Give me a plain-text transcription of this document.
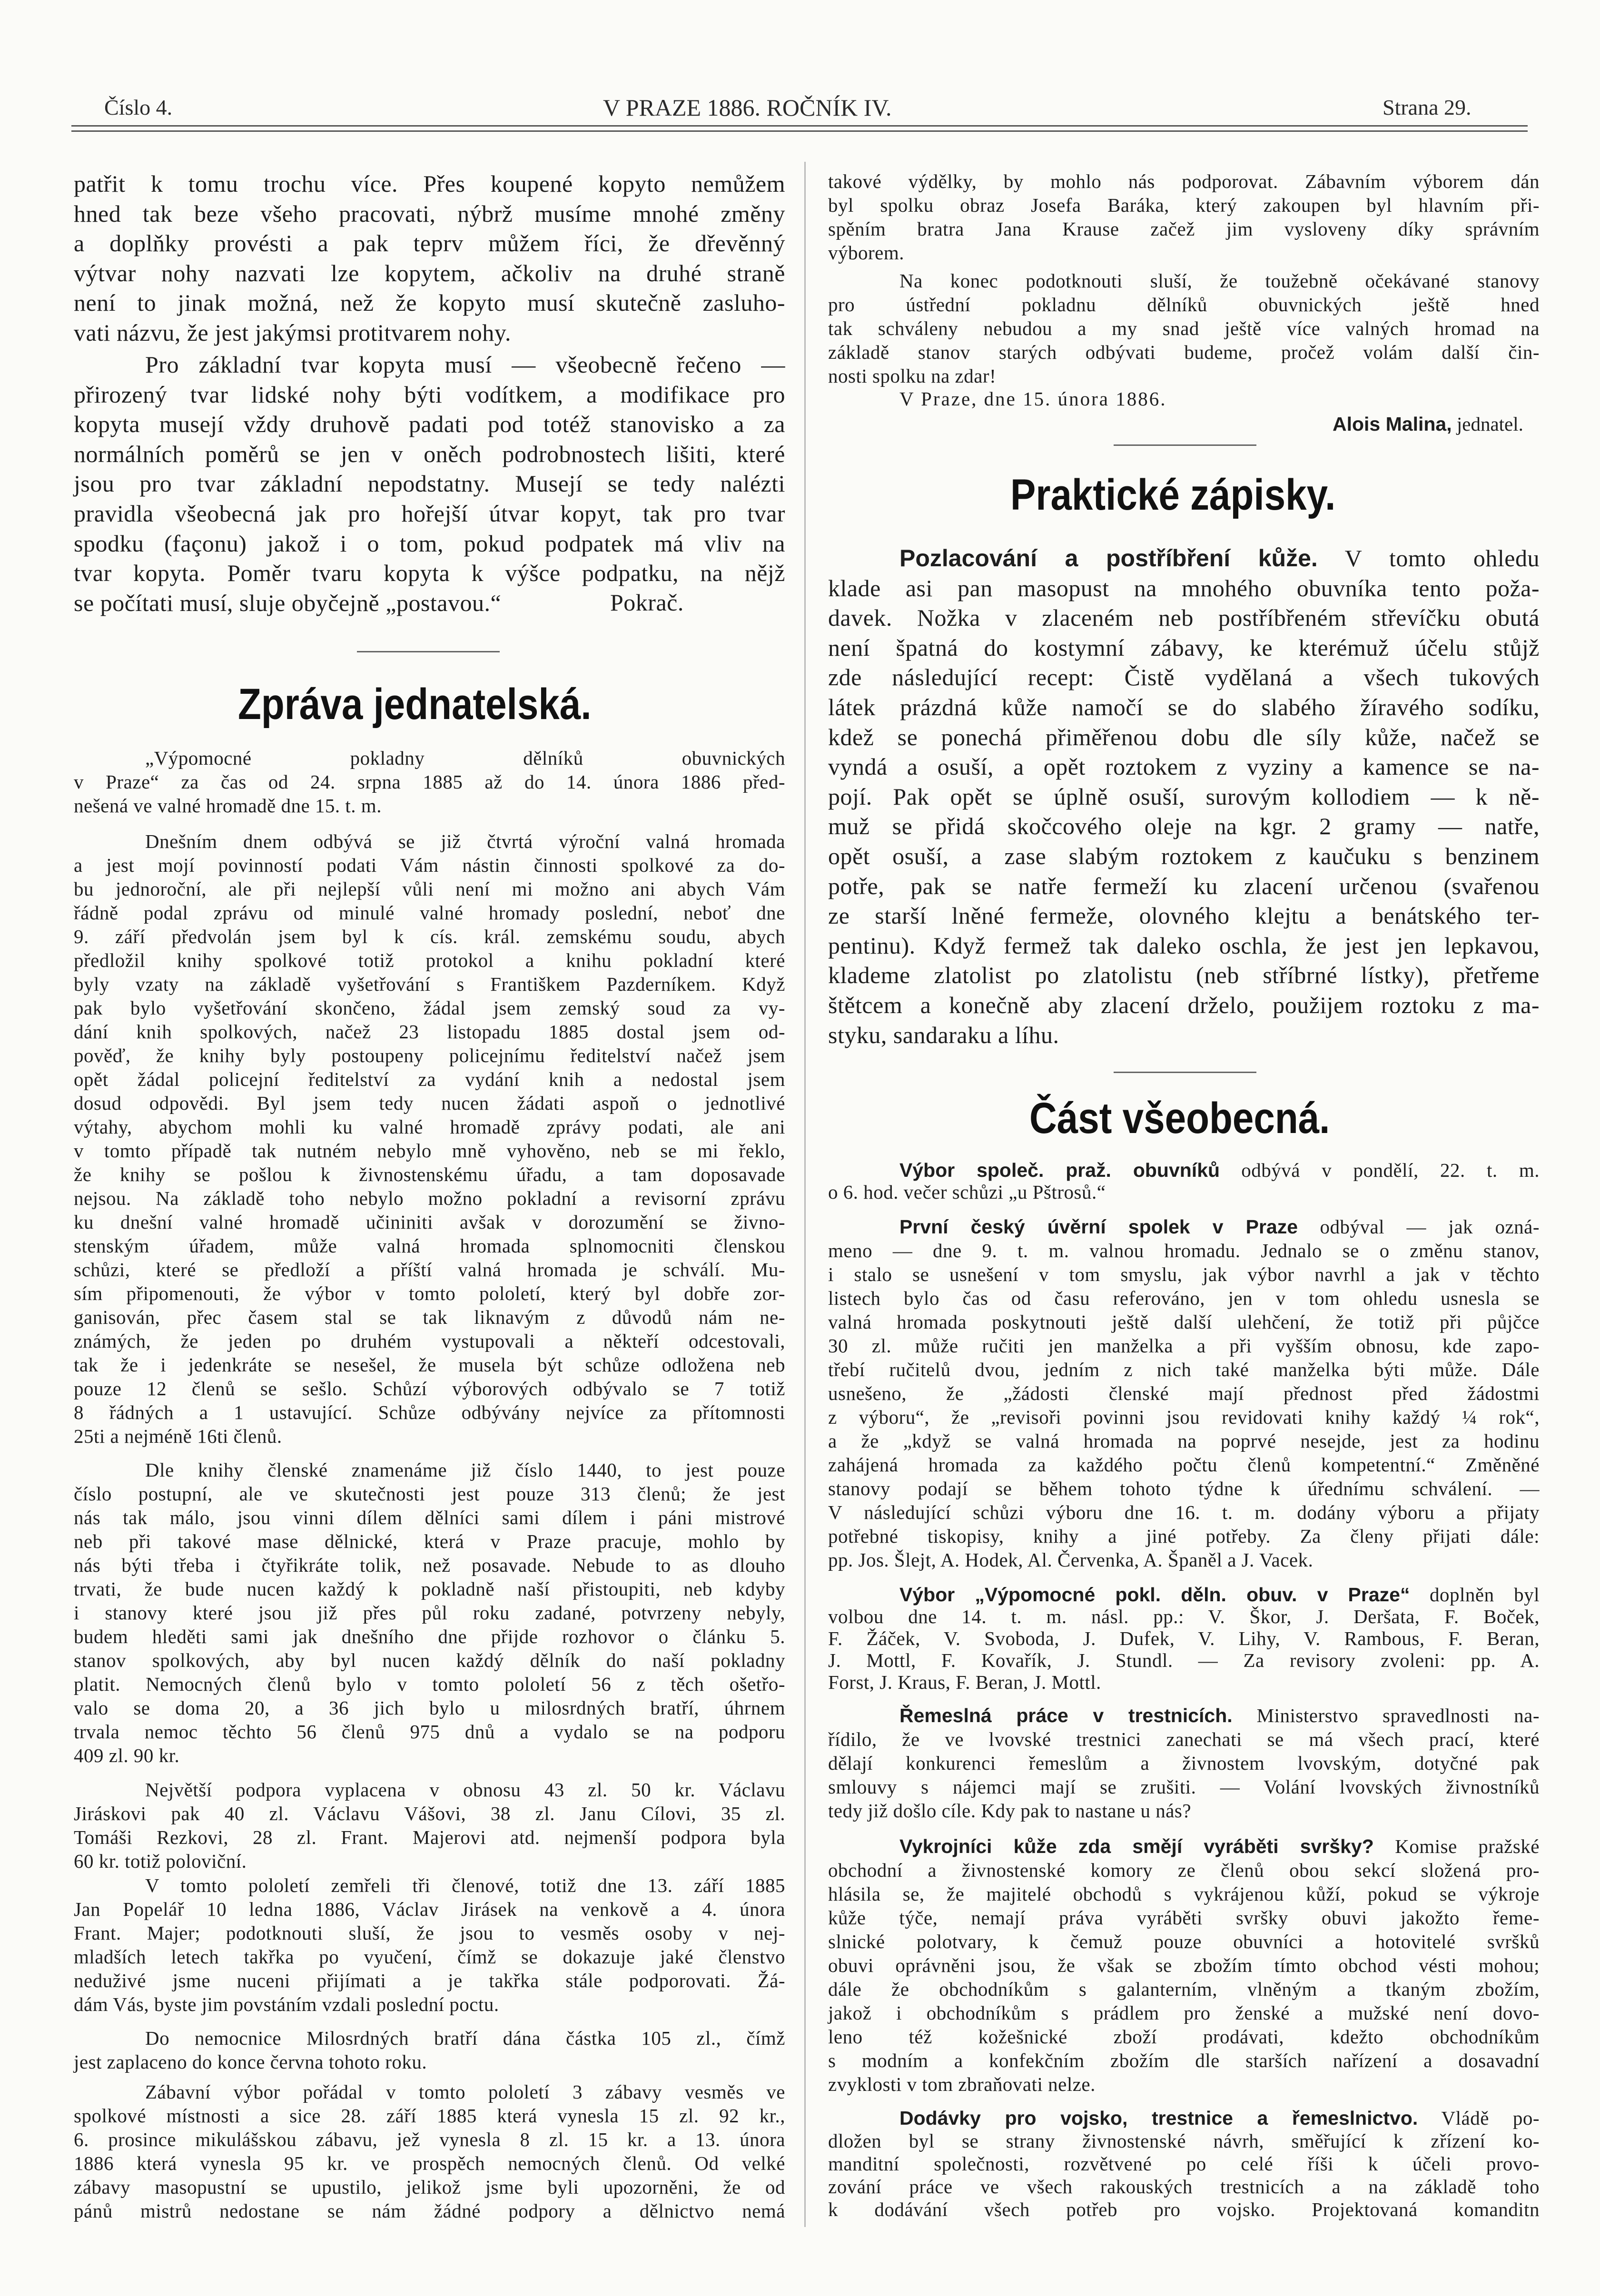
Číslo 4.	V PRAZE 1886. ROČNÍK IV.	Strana 29.
patřit k tomu trochu více. Přes koupené kopyto nemůžem
hned tak beze všeho pracovati, nýbrž musíme mnohé změny
a doplňky provésti a pak teprv můžem říci, že dřevěnný
výtvar nohy nazvati lze kopytem, ačkoliv na druhé straně
není to jinak možná, než že kopyto musí skutečně zasluho-
vati názvu, že jest jakýmsi protitvarem nohy.
Pro základní tvar kopyta musí — všeobecně řečeno —
přirozený tvar lidské nohy býti vodítkem, a modifikace pro
kopyta musejí vždy druhově padati pod totéž stanovisko a za
normálních poměrů se jen v oněch podrobnostech lišiti, které
jsou pro tvar základní nepodstatny. Musejí se tedy nalézti
pravidla všeobecná jak pro hořejší útvar kopyt, tak pro tvar
spodku (façonu) jakož i o tom, pokud podpatek má vliv na
tvar kopyta. Poměr tvaru kopyta k výšce podpatku, na nějž
se počítati musí, sluje obyčejně „postavou.“	Pokrač.
Zpráva jednatelská.
„Výpomocné pokladny dělníků obuvnických
v Praze“ za čas od 24. srpna 1885 až do 14. února 1886 před-
nešená ve valné hromadě dne 15. t. m.
Dnešním dnem odbývá se již čtvrtá výroční valná hromada
a jest mojí povinností podati Vám nástin činnosti spolkové za do-
bu jednoroční, ale při nejlepší vůli není mi možno ani abych Vám
řádně podal zprávu od minulé valné hromady poslední, neboť dne
9. září předvolán jsem byl k cís. král. zemskému soudu, abych
předložil knihy spolkové totiž protokol a knihu pokladní které
byly vzaty na základě vyšetřování s Františkem Pazderníkem. Když
pak bylo vyšetřování skončeno, žádal jsem zemský soud za vy-
dání knih spolkových, načež 23 listopadu 1885 dostal jsem od-
pověď, že knihy byly postoupeny policejnímu ředitelství načež jsem
opět žádal policejní ředitelství za vydání knih a nedostal jsem
dosud odpovědi. Byl jsem tedy nucen žádati aspoň o jednotlivé
výtahy, abychom mohli ku valné hromadě zprávy podati, ale ani
v tomto případě tak nutném nebylo mně vyhověno, neb se mi řeklo,
že knihy se pošlou k živnostenskému úřadu, a tam doposavade
nejsou. Na základě toho nebylo možno pokladní a revisorní zprávu
ku dnešní valné hromadě učininiti avšak v dorozumění se živno-
stenským úřadem, může valná hromada splnomocniti členskou
schůzi, které se předloží a příští valná hromada je schválí. Mu-
sím připomenouti, že výbor v tomto pololetí, který byl dobře zor-
ganisován, přec časem stal se tak liknavým z důvodů nám ne-
známých, že jeden po druhém vystupovali a někteří odcestovali,
tak že i jedenkráte se nesešel, že musela být schůze odložena neb
pouze 12 členů se sešlo. Schůzí výborových odbývalo se 7 totiž
8 řádných a 1 ustavující. Schůze odbývány nejvíce za přítomnosti
25ti a nejméně 16ti členů.
Dle knihy členské znamenáme již číslo 1440, to jest pouze
číslo postupní, ale ve skutečnosti jest pouze 313 členů; že jest
nás tak málo, jsou vinni dílem dělníci sami dílem i páni mistrové
neb při takové mase dělnické, která v Praze pracuje, mohlo by
nás býti třeba i čtyřikráte tolik, než posavade. Nebude to as dlouho
trvati, že bude nucen každý k pokladně naší přistoupiti, neb kdyby
i stanovy které jsou již přes půl roku zadané, potvrzeny nebyly,
budem hleděti sami jak dnešního dne přijde rozhovor o článku 5.
stanov spolkových, aby byl nucen každý dělník do naší pokladny
platit. Nemocných členů bylo v tomto pololetí 56 z těch ošetřo-
valo se doma 20, a 36 jich bylo u milosrdných bratří, úhrnem
trvala nemoc těchto 56 členů 975 dnů a vydalo se na podporu
409 zl. 90 kr.
Největší podpora vyplacena v obnosu 43 zl. 50 kr. Václavu
Jiráskovi pak 40 zl. Václavu Vášovi, 38 zl. Janu Cílovi, 35 zl.
Tomáši Rezkovi, 28 zl. Frant. Majerovi atd. nejmenší podpora byla
60 kr. totiž poloviční.
V tomto pololetí zemřeli tři členové, totiž dne 13. září 1885
Jan Popelář 10 ledna 1886, Václav Jirásek na venkově a 4. února
Frant. Majer; podotknouti sluší, že jsou to vesměs osoby v nej-
mladších letech takřka po vyučení, čímž se dokazuje jaké členstvo
neduživé jsme nuceni přijímati a je takřka stále podporovati. Žá-
dám Vás, byste jim povstáním vzdali poslední poctu.
Do nemocnice Milosrdných bratří dána částka 105 zl., čímž
jest zaplaceno do konce června tohoto roku.
Zábavní výbor pořádal v tomto pololetí 3 zábavy vesměs ve
spolkové místnosti a sice 28. září 1885 která vynesla 15 zl. 92 kr.,
6. prosince mikulášskou zábavu, jež vynesla 8 zl. 15 kr. a 13. února
1886 která vynesla 95 kr. ve prospěch nemocných členů. Od velké
zábavy masopustní se upustilo, jelikož jsme byli upozorněni, že od
pánů mistrů nedostane se nám žádné podpory a dělnictvo nemá
takové výdělky, by mohlo nás podporovat. Zábavním výborem dán
byl spolku obraz Josefa Baráka, který zakoupen byl hlavním při-
spěním bratra Jana Krause začež jim vysloveny díky správním
výborem.
Na konec podotknouti sluší, že toužebně očekávané stanovy
pro ústřední pokladnu dělníků obuvnických ještě hned
tak schváleny nebudou a my snad ještě více valných hromad na
základě stanov starých odbývati budeme, pročež volám další čin-
nosti spolku na zdar!
V Praze, dne 15. února 1886.
Alois Malina, jednatel.
Praktické zápisky.
Pozlacování a postříbření kůže. V tomto ohledu
klade asi pan masopust na mnohého obuvníka tento poža-
davek. Nožka v zlaceném neb postříbřeném střevíčku obutá
není špatná do kostymní zábavy, ke kterémuž účelu stůjž
zde následující recept: Čistě vydělaná a všech tukových
látek prázdná kůže namočí se do slabého žíravého sodíku,
kdež se ponechá přiměřenou dobu dle síly kůže, načež se
vyndá a osuší, a opět roztokem z vyziny a kamence se na-
pojí. Pak opět se úplně osuší, surovým kollodiem — k ně-
muž se přidá skočcového oleje na kgr. 2 gramy — natře,
opět osuší, a zase slabým roztokem z kaučuku s benzinem
potře, pak se natře fermeží ku zlacení určenou (svařenou
ze starší lněné fermeže, olovného klejtu a benátského ter-
pentinu). Když fermež tak daleko oschla, že jest jen lepkavou,
klademe zlatolist po zlatolistu (neb stříbrné lístky), přetřeme
štětcem a konečně aby zlacení drželo, použijem roztoku z ma-
styku, sandaraku a líhu.
Část všeobecná.
Výbor společ. praž. obuvníků odbývá v pondělí, 22. t. m.
o 6. hod. večer schůzi „u Pštrosů.“
První český úvěrní spolek v Praze odbýval — jak ozná-
meno — dne 9. t. m. valnou hromadu. Jednalo se o změnu stanov,
i stalo se usnešení v tom smyslu, jak výbor navrhl a jak v těchto
listech bylo čas od času referováno, jen v tom ohledu usnesla se
valná hromada poskytnouti ještě další ulehčení, že totiž při půjčce
30 zl. může ručiti jen manželka a při vyšším obnosu, kde zapo-
třebí ručitelů dvou, jedním z nich také manželka býti může. Dále
usnešeno, že „žádosti členské mají přednost před žádostmi
z výboru“, že „revisoři povinni jsou revidovati knihy každý ¼ rok“,
a že „když se valná hromada na poprvé nesejde, jest za hodinu
zahájená hromada za každého počtu členů kompetentní.“ Změněné
stanovy podají se během tohoto týdne k úřednímu schválení. —
V následující schůzi výboru dne 16. t. m. dodány výboru a přijaty
potřebné tiskopisy, knihy a jiné potřeby. Za členy přijati dále:
pp. Jos. Šlejt, A. Hodek, Al. Červenka, A. Španěl a J. Vacek.
Výbor „Výpomocné pokl. děln. obuv. v Praze“ doplněn byl
volbou dne 14. t. m. násl. pp.: V. Škor, J. Deršata, F. Boček,
F. Žáček, V. Svoboda, J. Dufek, V. Lihy, V. Rambous, F. Beran,
J. Mottl, F. Kovařík, J. Stundl. — Za revisory zvoleni: pp. A.
Forst, J. Kraus, F. Beran, J. Mottl.
Řemeslná práce v trestnicích. Ministerstvo spravedlnosti na-
řídilo, že ve lvovské trestnici zanechati se má všech prací, které
dělají konkurenci řemeslům a živnostem lvovským, dotyčné pak
smlouvy s nájemci mají se zrušiti. — Volání lvovských živnostníků
tedy již došlo cíle. Kdy pak to nastane u nás?
Vykrojníci kůže zda smějí vyráběti svršky? Komise pražské
obchodní a živnostenské komory ze členů obou sekcí složená pro-
hlásila se, že majitelé obchodů s vykrájenou kůží, pokud se výkroje
kůže týče, nemají práva vyráběti svršky obuvi jakožto řeme-
slnické polotvary, k čemuž pouze obuvníci a hotovitelé svršků
obuvi oprávněni jsou, že však se zbožím tímto obchod vésti mohou;
dále že obchodníkům s galanterním, vlněným a tkaným zbožím,
jakož i obchodníkům s prádlem pro ženské a mužské není dovo-
leno též kožešnické zboží prodávati, kdežto obchodníkům
s modním a konfekčním zbožím dle starších nařízení a dosavadní
zvyklosti v tom zbraňovati nelze.
Dodávky pro vojsko, trestnice a řemeslnictvo. Vládě po-
dložen byl se strany živnostenské návrh, směřující k zřízení ko-
manditní společnosti, rozvětvené po celé říši k účeli provo-
zování práce ve všech rakouských trestnicích a na základě toho
k dodávání všech potřeb pro vojsko. Projektovaná komanditn
